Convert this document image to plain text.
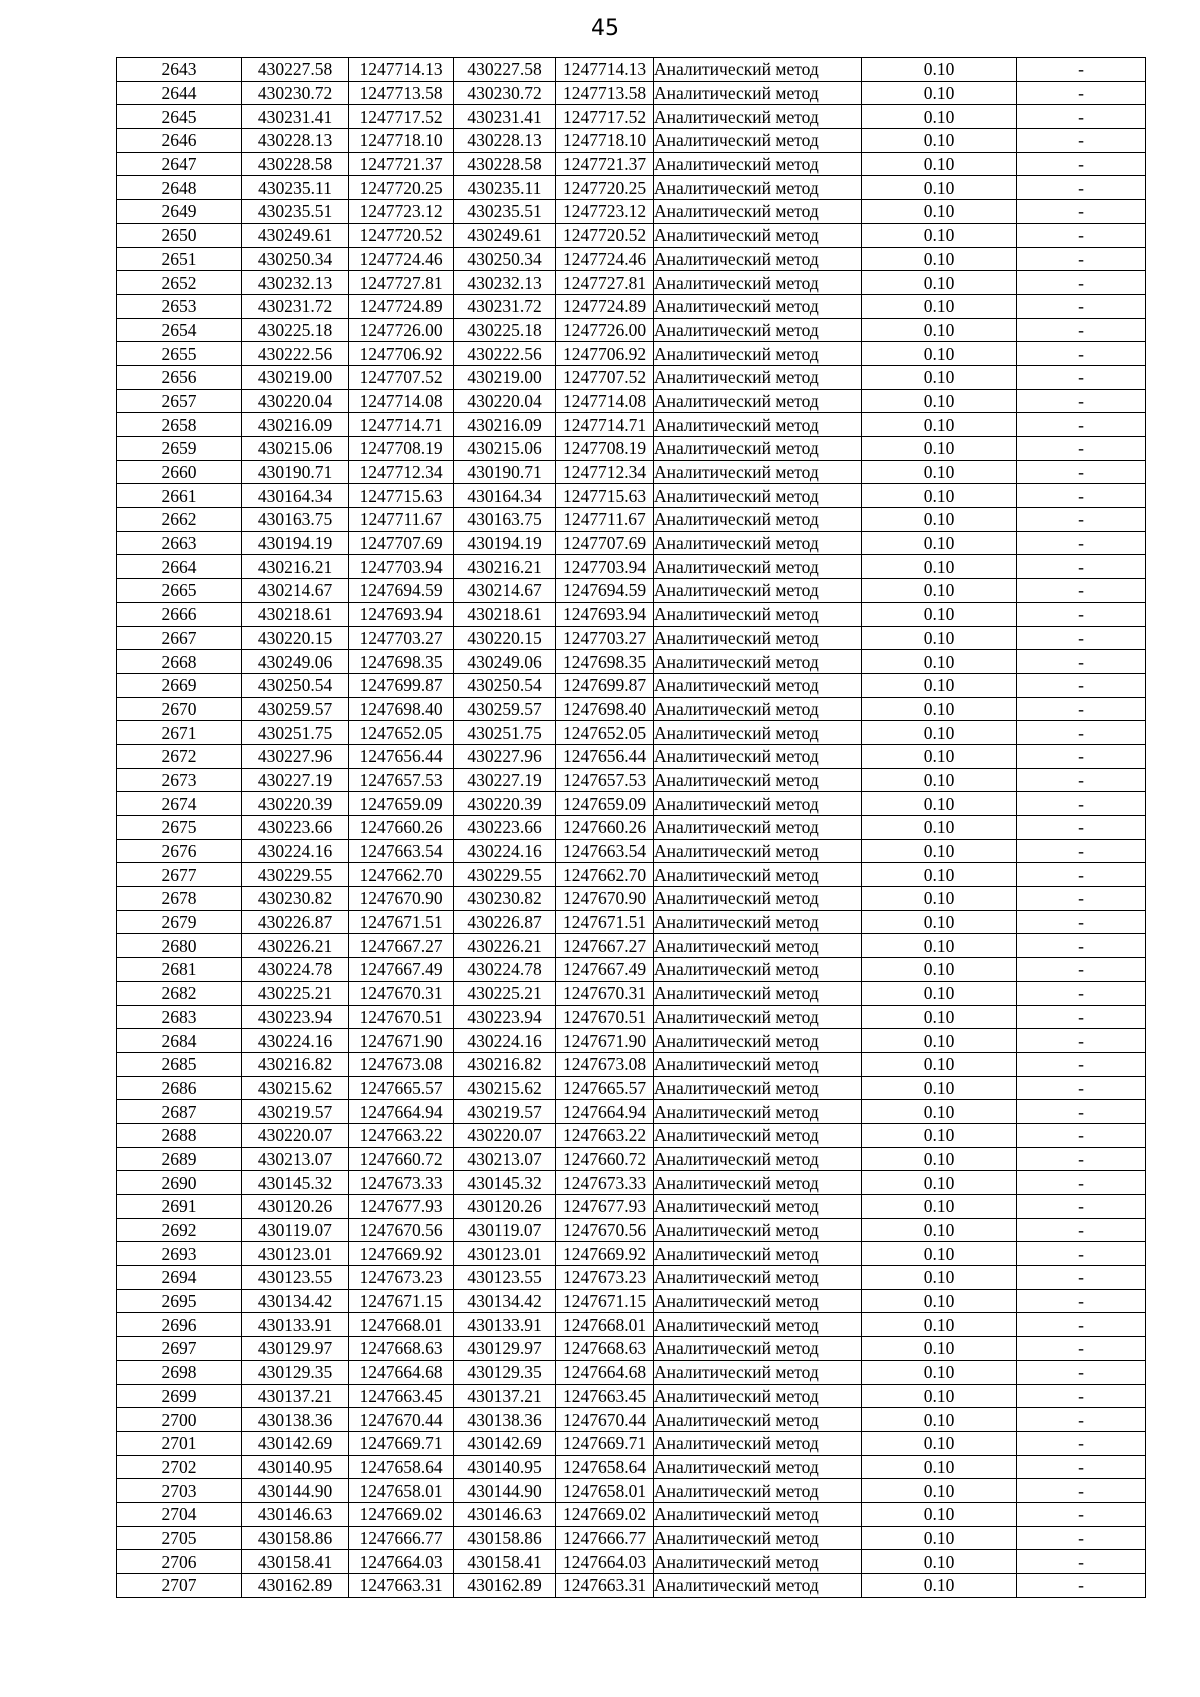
45
2643	430227.58	1247714.13	430227.58	1247714.13	Аналитический метод	0.10	-
2644	430230.72	1247713.58	430230.72	1247713.58	Аналитический метод	0.10	-
2645	430231.41	1247717.52	430231.41	1247717.52	Аналитический метод	0.10	-
2646	430228.13	1247718.10	430228.13	1247718.10	Аналитический метод	0.10	-
2647	430228.58	1247721.37	430228.58	1247721.37	Аналитический метод	0.10	-
2648	430235.11	1247720.25	430235.11	1247720.25	Аналитический метод	0.10	-
2649	430235.51	1247723.12	430235.51	1247723.12	Аналитический метод	0.10	-
2650	430249.61	1247720.52	430249.61	1247720.52	Аналитический метод	0.10	-
2651	430250.34	1247724.46	430250.34	1247724.46	Аналитический метод	0.10	-
2652	430232.13	1247727.81	430232.13	1247727.81	Аналитический метод	0.10	-
2653	430231.72	1247724.89	430231.72	1247724.89	Аналитический метод	0.10	-
2654	430225.18	1247726.00	430225.18	1247726.00	Аналитический метод	0.10	-
2655	430222.56	1247706.92	430222.56	1247706.92	Аналитический метод	0.10	-
2656	430219.00	1247707.52	430219.00	1247707.52	Аналитический метод	0.10	-
2657	430220.04	1247714.08	430220.04	1247714.08	Аналитический метод	0.10	-
2658	430216.09	1247714.71	430216.09	1247714.71	Аналитический метод	0.10	-
2659	430215.06	1247708.19	430215.06	1247708.19	Аналитический метод	0.10	-
2660	430190.71	1247712.34	430190.71	1247712.34	Аналитический метод	0.10	-
2661	430164.34	1247715.63	430164.34	1247715.63	Аналитический метод	0.10	-
2662	430163.75	1247711.67	430163.75	1247711.67	Аналитический метод	0.10	-
2663	430194.19	1247707.69	430194.19	1247707.69	Аналитический метод	0.10	-
2664	430216.21	1247703.94	430216.21	1247703.94	Аналитический метод	0.10	-
2665	430214.67	1247694.59	430214.67	1247694.59	Аналитический метод	0.10	-
2666	430218.61	1247693.94	430218.61	1247693.94	Аналитический метод	0.10	-
2667	430220.15	1247703.27	430220.15	1247703.27	Аналитический метод	0.10	-
2668	430249.06	1247698.35	430249.06	1247698.35	Аналитический метод	0.10	-
2669	430250.54	1247699.87	430250.54	1247699.87	Аналитический метод	0.10	-
2670	430259.57	1247698.40	430259.57	1247698.40	Аналитический метод	0.10	-
2671	430251.75	1247652.05	430251.75	1247652.05	Аналитический метод	0.10	-
2672	430227.96	1247656.44	430227.96	1247656.44	Аналитический метод	0.10	-
2673	430227.19	1247657.53	430227.19	1247657.53	Аналитический метод	0.10	-
2674	430220.39	1247659.09	430220.39	1247659.09	Аналитический метод	0.10	-
2675	430223.66	1247660.26	430223.66	1247660.26	Аналитический метод	0.10	-
2676	430224.16	1247663.54	430224.16	1247663.54	Аналитический метод	0.10	-
2677	430229.55	1247662.70	430229.55	1247662.70	Аналитический метод	0.10	-
2678	430230.82	1247670.90	430230.82	1247670.90	Аналитический метод	0.10	-
2679	430226.87	1247671.51	430226.87	1247671.51	Аналитический метод	0.10	-
2680	430226.21	1247667.27	430226.21	1247667.27	Аналитический метод	0.10	-
2681	430224.78	1247667.49	430224.78	1247667.49	Аналитический метод	0.10	-
2682	430225.21	1247670.31	430225.21	1247670.31	Аналитический метод	0.10	-
2683	430223.94	1247670.51	430223.94	1247670.51	Аналитический метод	0.10	-
2684	430224.16	1247671.90	430224.16	1247671.90	Аналитический метод	0.10	-
2685	430216.82	1247673.08	430216.82	1247673.08	Аналитический метод	0.10	-
2686	430215.62	1247665.57	430215.62	1247665.57	Аналитический метод	0.10	-
2687	430219.57	1247664.94	430219.57	1247664.94	Аналитический метод	0.10	-
2688	430220.07	1247663.22	430220.07	1247663.22	Аналитический метод	0.10	-
2689	430213.07	1247660.72	430213.07	1247660.72	Аналитический метод	0.10	-
2690	430145.32	1247673.33	430145.32	1247673.33	Аналитический метод	0.10	-
2691	430120.26	1247677.93	430120.26	1247677.93	Аналитический метод	0.10	-
2692	430119.07	1247670.56	430119.07	1247670.56	Аналитический метод	0.10	-
2693	430123.01	1247669.92	430123.01	1247669.92	Аналитический метод	0.10	-
2694	430123.55	1247673.23	430123.55	1247673.23	Аналитический метод	0.10	-
2695	430134.42	1247671.15	430134.42	1247671.15	Аналитический метод	0.10	-
2696	430133.91	1247668.01	430133.91	1247668.01	Аналитический метод	0.10	-
2697	430129.97	1247668.63	430129.97	1247668.63	Аналитический метод	0.10	-
2698	430129.35	1247664.68	430129.35	1247664.68	Аналитический метод	0.10	-
2699	430137.21	1247663.45	430137.21	1247663.45	Аналитический метод	0.10	-
2700	430138.36	1247670.44	430138.36	1247670.44	Аналитический метод	0.10	-
2701	430142.69	1247669.71	430142.69	1247669.71	Аналитический метод	0.10	-
2702	430140.95	1247658.64	430140.95	1247658.64	Аналитический метод	0.10	-
2703	430144.90	1247658.01	430144.90	1247658.01	Аналитический метод	0.10	-
2704	430146.63	1247669.02	430146.63	1247669.02	Аналитический метод	0.10	-
2705	430158.86	1247666.77	430158.86	1247666.77	Аналитический метод	0.10	-
2706	430158.41	1247664.03	430158.41	1247664.03	Аналитический метод	0.10	-
2707	430162.89	1247663.31	430162.89	1247663.31	Аналитический метод	0.10	-
